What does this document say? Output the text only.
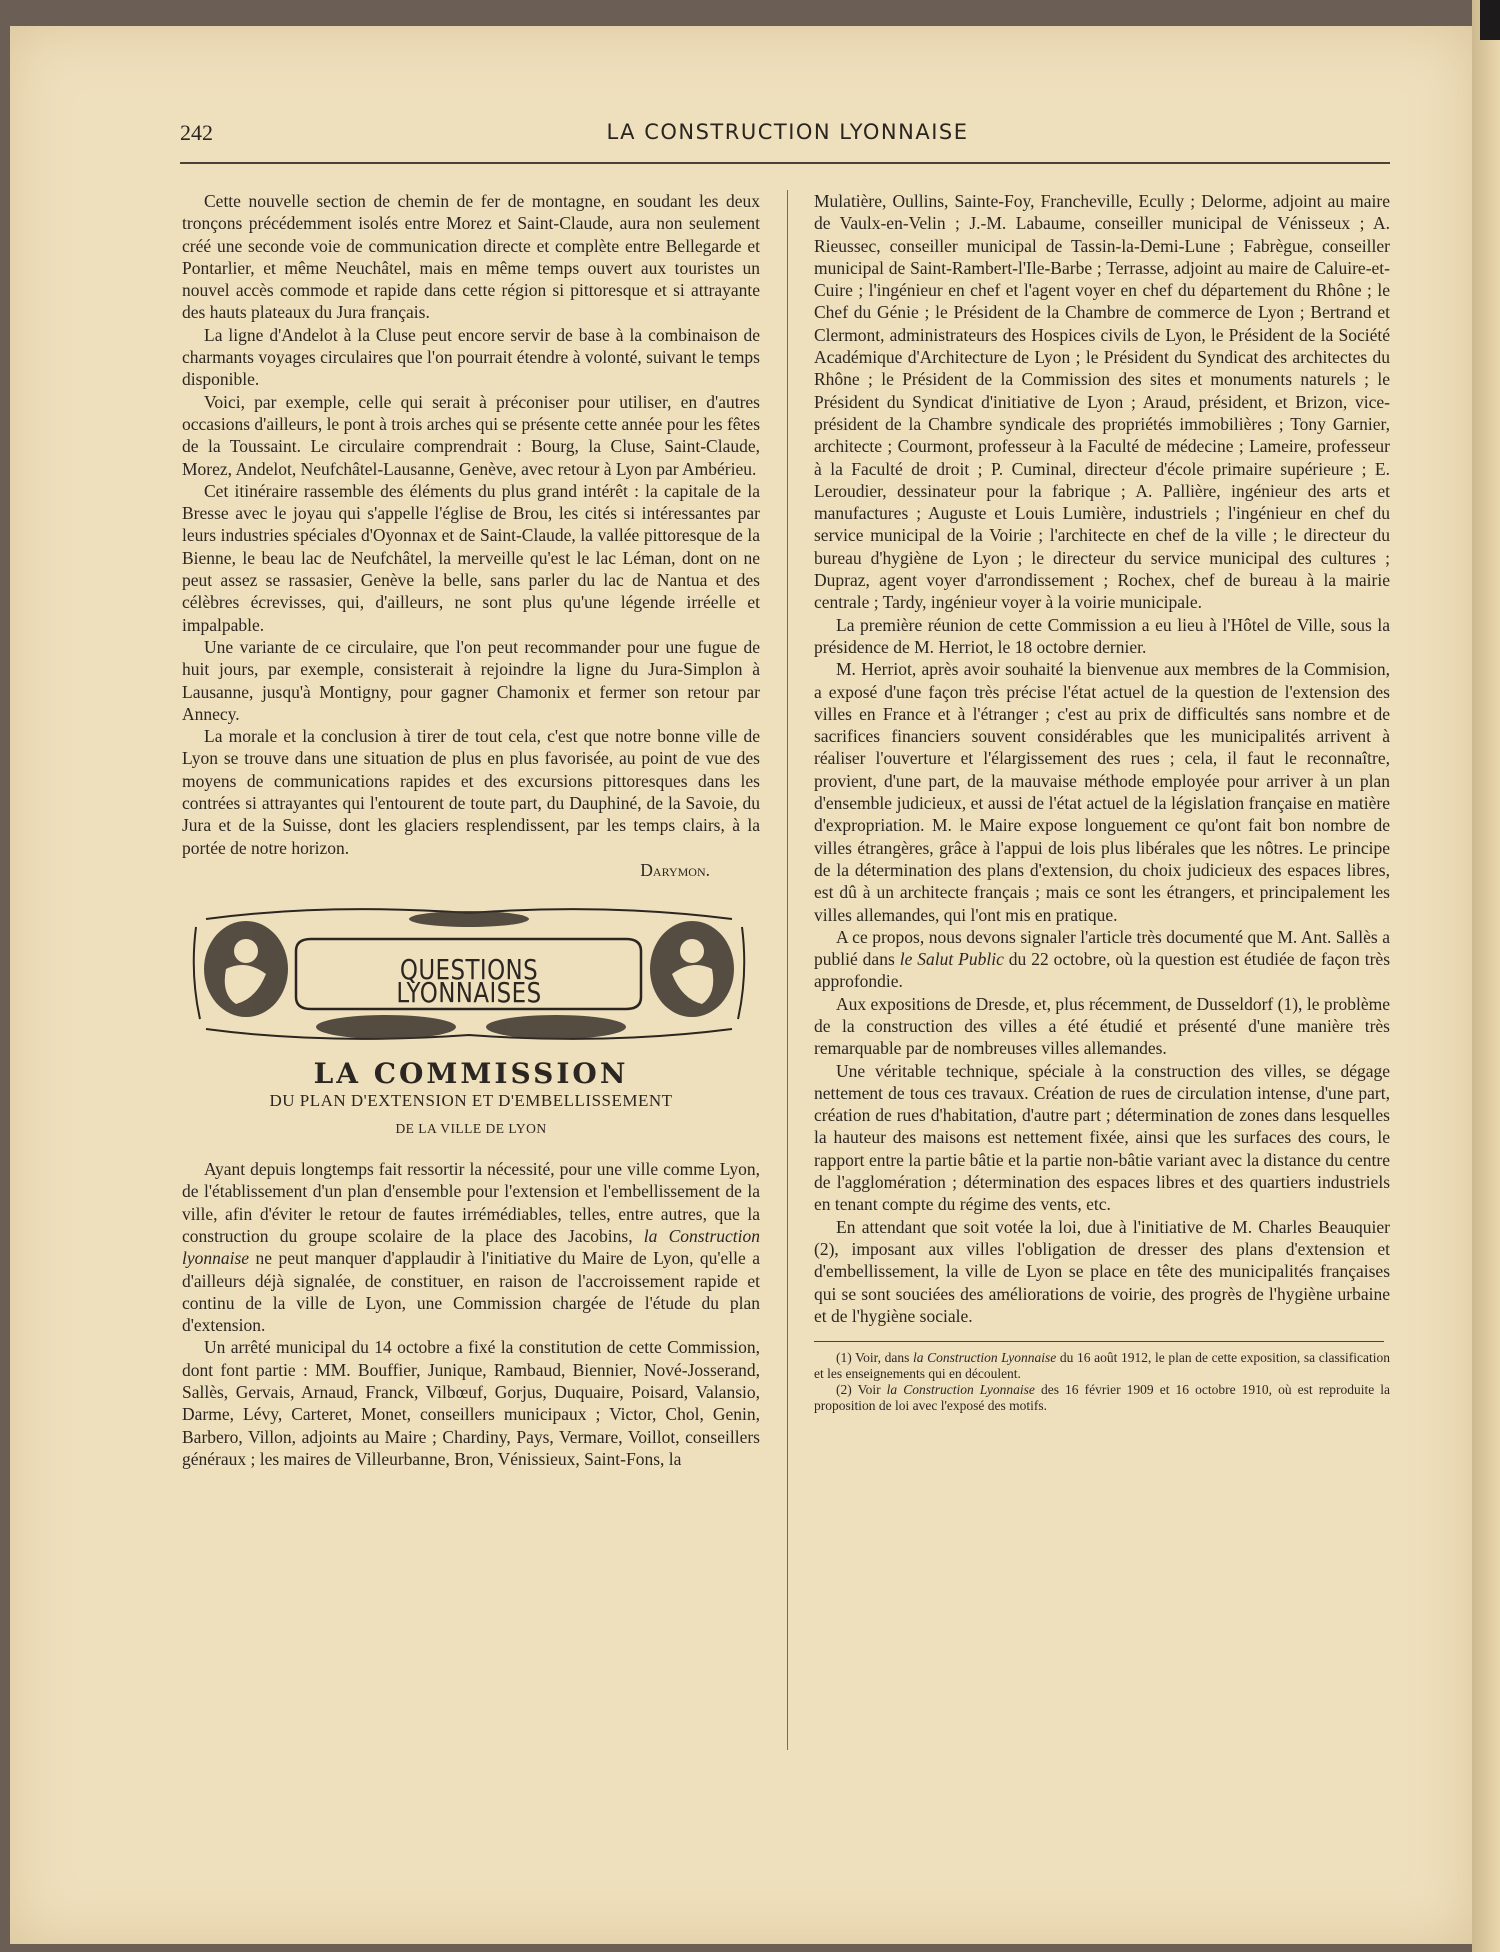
242	LA CONSTRUCTION LYONNAISE

Cette nouvelle section de chemin de fer de montagne, en soudant les deux tronçons précédemment isolés entre Morez et Saint-Claude, aura non seulement créé une seconde voie de communication directe et complète entre Bellegarde et Pontarlier, et même Neuchâtel, mais en même temps ouvert aux touristes un nouvel accès commode et rapide dans cette région si pittoresque et si attrayante des hauts plateaux du Jura français.

La ligne d'Andelot à la Cluse peut encore servir de base à la combinaison de charmants voyages circulaires que l'on pourrait étendre à volonté, suivant le temps disponible.

Voici, par exemple, celle qui serait à préconiser pour utiliser, en d'autres occasions d'ailleurs, le pont à trois arches qui se présente cette année pour les fêtes de la Toussaint. Le circulaire comprendrait : Bourg, la Cluse, Saint-Claude, Morez, Andelot, Neufchâtel-Lausanne, Genève, avec retour à Lyon par Ambérieu.

Cet itinéraire rassemble des éléments du plus grand intérêt : la capitale de la Bresse avec le joyau qui s'appelle l'église de Brou, les cités si intéressantes par leurs industries spéciales d'Oyonnax et de Saint-Claude, la vallée pittoresque de la Bienne, le beau lac de Neufchâtel, la merveille qu'est le lac Léman, dont on ne peut assez se rassasier, Genève la belle, sans parler du lac de Nantua et des célèbres écrevisses, qui, d'ailleurs, ne sont plus qu'une légende irréelle et impalpable.

Une variante de ce circulaire, que l'on peut recommander pour une fugue de huit jours, par exemple, consisterait à rejoindre la ligne du Jura-Simplon à Lausanne, jusqu'à Montigny, pour gagner Chamonix et fermer son retour par Annecy.

La morale et la conclusion à tirer de tout cela, c'est que notre bonne ville de Lyon se trouve dans une situation de plus en plus favorisée, au point de vue des moyens de communications rapides et des excursions pittoresques dans les contrées si attrayantes qui l'entourent de toute part, du Dauphiné, de la Savoie, du Jura et de la Suisse, dont les glaciers resplendissent, par les temps clairs, à la portée de notre horizon.

Darymon.

QUESTIONS LYONNAISES
LA COMMISSION
DU PLAN D'EXTENSION ET D'EMBELLISSEMENT
DE LA VILLE DE LYON

Ayant depuis longtemps fait ressortir la nécessité, pour une ville comme Lyon, de l'établissement d'un plan d'ensemble pour l'extension et l'embellissement de la ville, afin d'éviter le retour de fautes irrémédiables, telles, entre autres, que la construction du groupe scolaire de la place des Jacobins, la Construction lyonnaise ne peut manquer d'applaudir à l'initiative du Maire de Lyon, qu'elle a d'ailleurs déjà signalée, de constituer, en raison de l'accroissement rapide et continu de la ville de Lyon, une Commission chargée de l'étude du plan d'extension.

Un arrêté municipal du 14 octobre a fixé la constitution de cette Commission, dont font partie : MM. Bouffier, Junique, Rambaud, Biennier, Nové-Josserand, Sallès, Gervais, Arnaud, Franck, Vilbœuf, Gorjus, Duquaire, Poisard, Valansio, Darme, Lévy, Carteret, Monet, conseillers municipaux ; Victor, Chol, Genin, Barbero, Villon, adjoints au Maire ; Chardiny, Pays, Vermare, Voillot, conseillers généraux ; les maires de Villeurbanne, Bron, Vénissieux, Saint-Fons, la

Mulatière, Oullins, Sainte-Foy, Francheville, Ecully ; Delorme, adjoint au maire de Vaulx-en-Velin ; J.-M. Labaume, conseiller municipal de Vénisseux ; A. Rieussec, conseiller municipal de Tassin-la-Demi-Lune ; Fabrègue, conseiller municipal de Saint-Rambert-l'Ile-Barbe ; Terrasse, adjoint au maire de Caluire-et-Cuire ; l'ingénieur en chef et l'agent voyer en chef du département du Rhône ; le Chef du Génie ; le Président de la Chambre de commerce de Lyon ; Bertrand et Clermont, administrateurs des Hospices civils de Lyon, le Président de la Société Académique d'Architecture de Lyon ; le Président du Syndicat des architectes du Rhône ; le Président de la Commission des sites et monuments naturels ; le Président du Syndicat d'initiative de Lyon ; Araud, président, et Brizon, vice-président de la Chambre syndicale des propriétés immobilières ; Tony Garnier, architecte ; Courmont, professeur à la Faculté de médecine ; Lameire, professeur à la Faculté de droit ; P. Cuminal, directeur d'école primaire supérieure ; E. Leroudier, dessinateur pour la fabrique ; A. Pallière, ingénieur des arts et manufactures ; Auguste et Louis Lumière, industriels ; l'ingénieur en chef du service municipal de la Voirie ; l'architecte en chef de la ville ; le directeur du bureau d'hygiène de Lyon ; le directeur du service municipal des cultures ; Dupraz, agent voyer d'arrondissement ; Rochex, chef de bureau à la mairie centrale ; Tardy, ingénieur voyer à la voirie municipale.

La première réunion de cette Commission a eu lieu à l'Hôtel de Ville, sous la présidence de M. Herriot, le 18 octobre dernier.

M. Herriot, après avoir souhaité la bienvenue aux membres de la Commision, a exposé d'une façon très précise l'état actuel de la question de l'extension des villes en France et à l'étranger ; c'est au prix de difficultés sans nombre et de sacrifices financiers souvent considérables que les municipalités arrivent à réaliser l'ouverture et l'élargissement des rues ; cela, il faut le reconnaître, provient, d'une part, de la mauvaise méthode employée pour arriver à un plan d'ensemble judicieux, et aussi de l'état actuel de la législation française en matière d'expropriation. M. le Maire expose longuement ce qu'ont fait bon nombre de villes étrangères, grâce à l'appui de lois plus libérales que les nôtres. Le principe de la détermination des plans d'extension, du choix judicieux des espaces libres, est dû à un architecte français ; mais ce sont les étrangers, et principalement les villes allemandes, qui l'ont mis en pratique.

A ce propos, nous devons signaler l'article très documenté que M. Ant. Sallès a publié dans le Salut Public du 22 octobre, où la question est étudiée de façon très approfondie.

Aux expositions de Dresde, et, plus récemment, de Dusseldorf (1), le problème de la construction des villes a été étudié et présenté d'une manière très remarquable par de nombreuses villes allemandes.

Une véritable technique, spéciale à la construction des villes, se dégage nettement de tous ces travaux. Création de rues de circulation intense, d'une part, création de rues d'habitation, d'autre part ; détermination de zones dans lesquelles la hauteur des maisons est nettement fixée, ainsi que les surfaces des cours, le rapport entre la partie bâtie et la partie non-bâtie variant avec la distance du centre de l'agglomération ; détermination des espaces libres et des quartiers industriels en tenant compte du régime des vents, etc.

En attendant que soit votée la loi, due à l'initiative de M. Charles Beauquier (2), imposant aux villes l'obligation de dresser des plans d'extension et d'embellissement, la ville de Lyon se place en tête des municipalités françaises qui se sont souciées des améliorations de voirie, des progrès de l'hygiène urbaine et de l'hygiène sociale.

(1) Voir, dans la Construction Lyonnaise du 16 août 1912, le plan de cette exposition, sa classification et les enseignements qui en découlent.

(2) Voir la Construction Lyonnaise des 16 février 1909 et 16 octobre 1910, où est reproduite la proposition de loi avec l'exposé des motifs.
